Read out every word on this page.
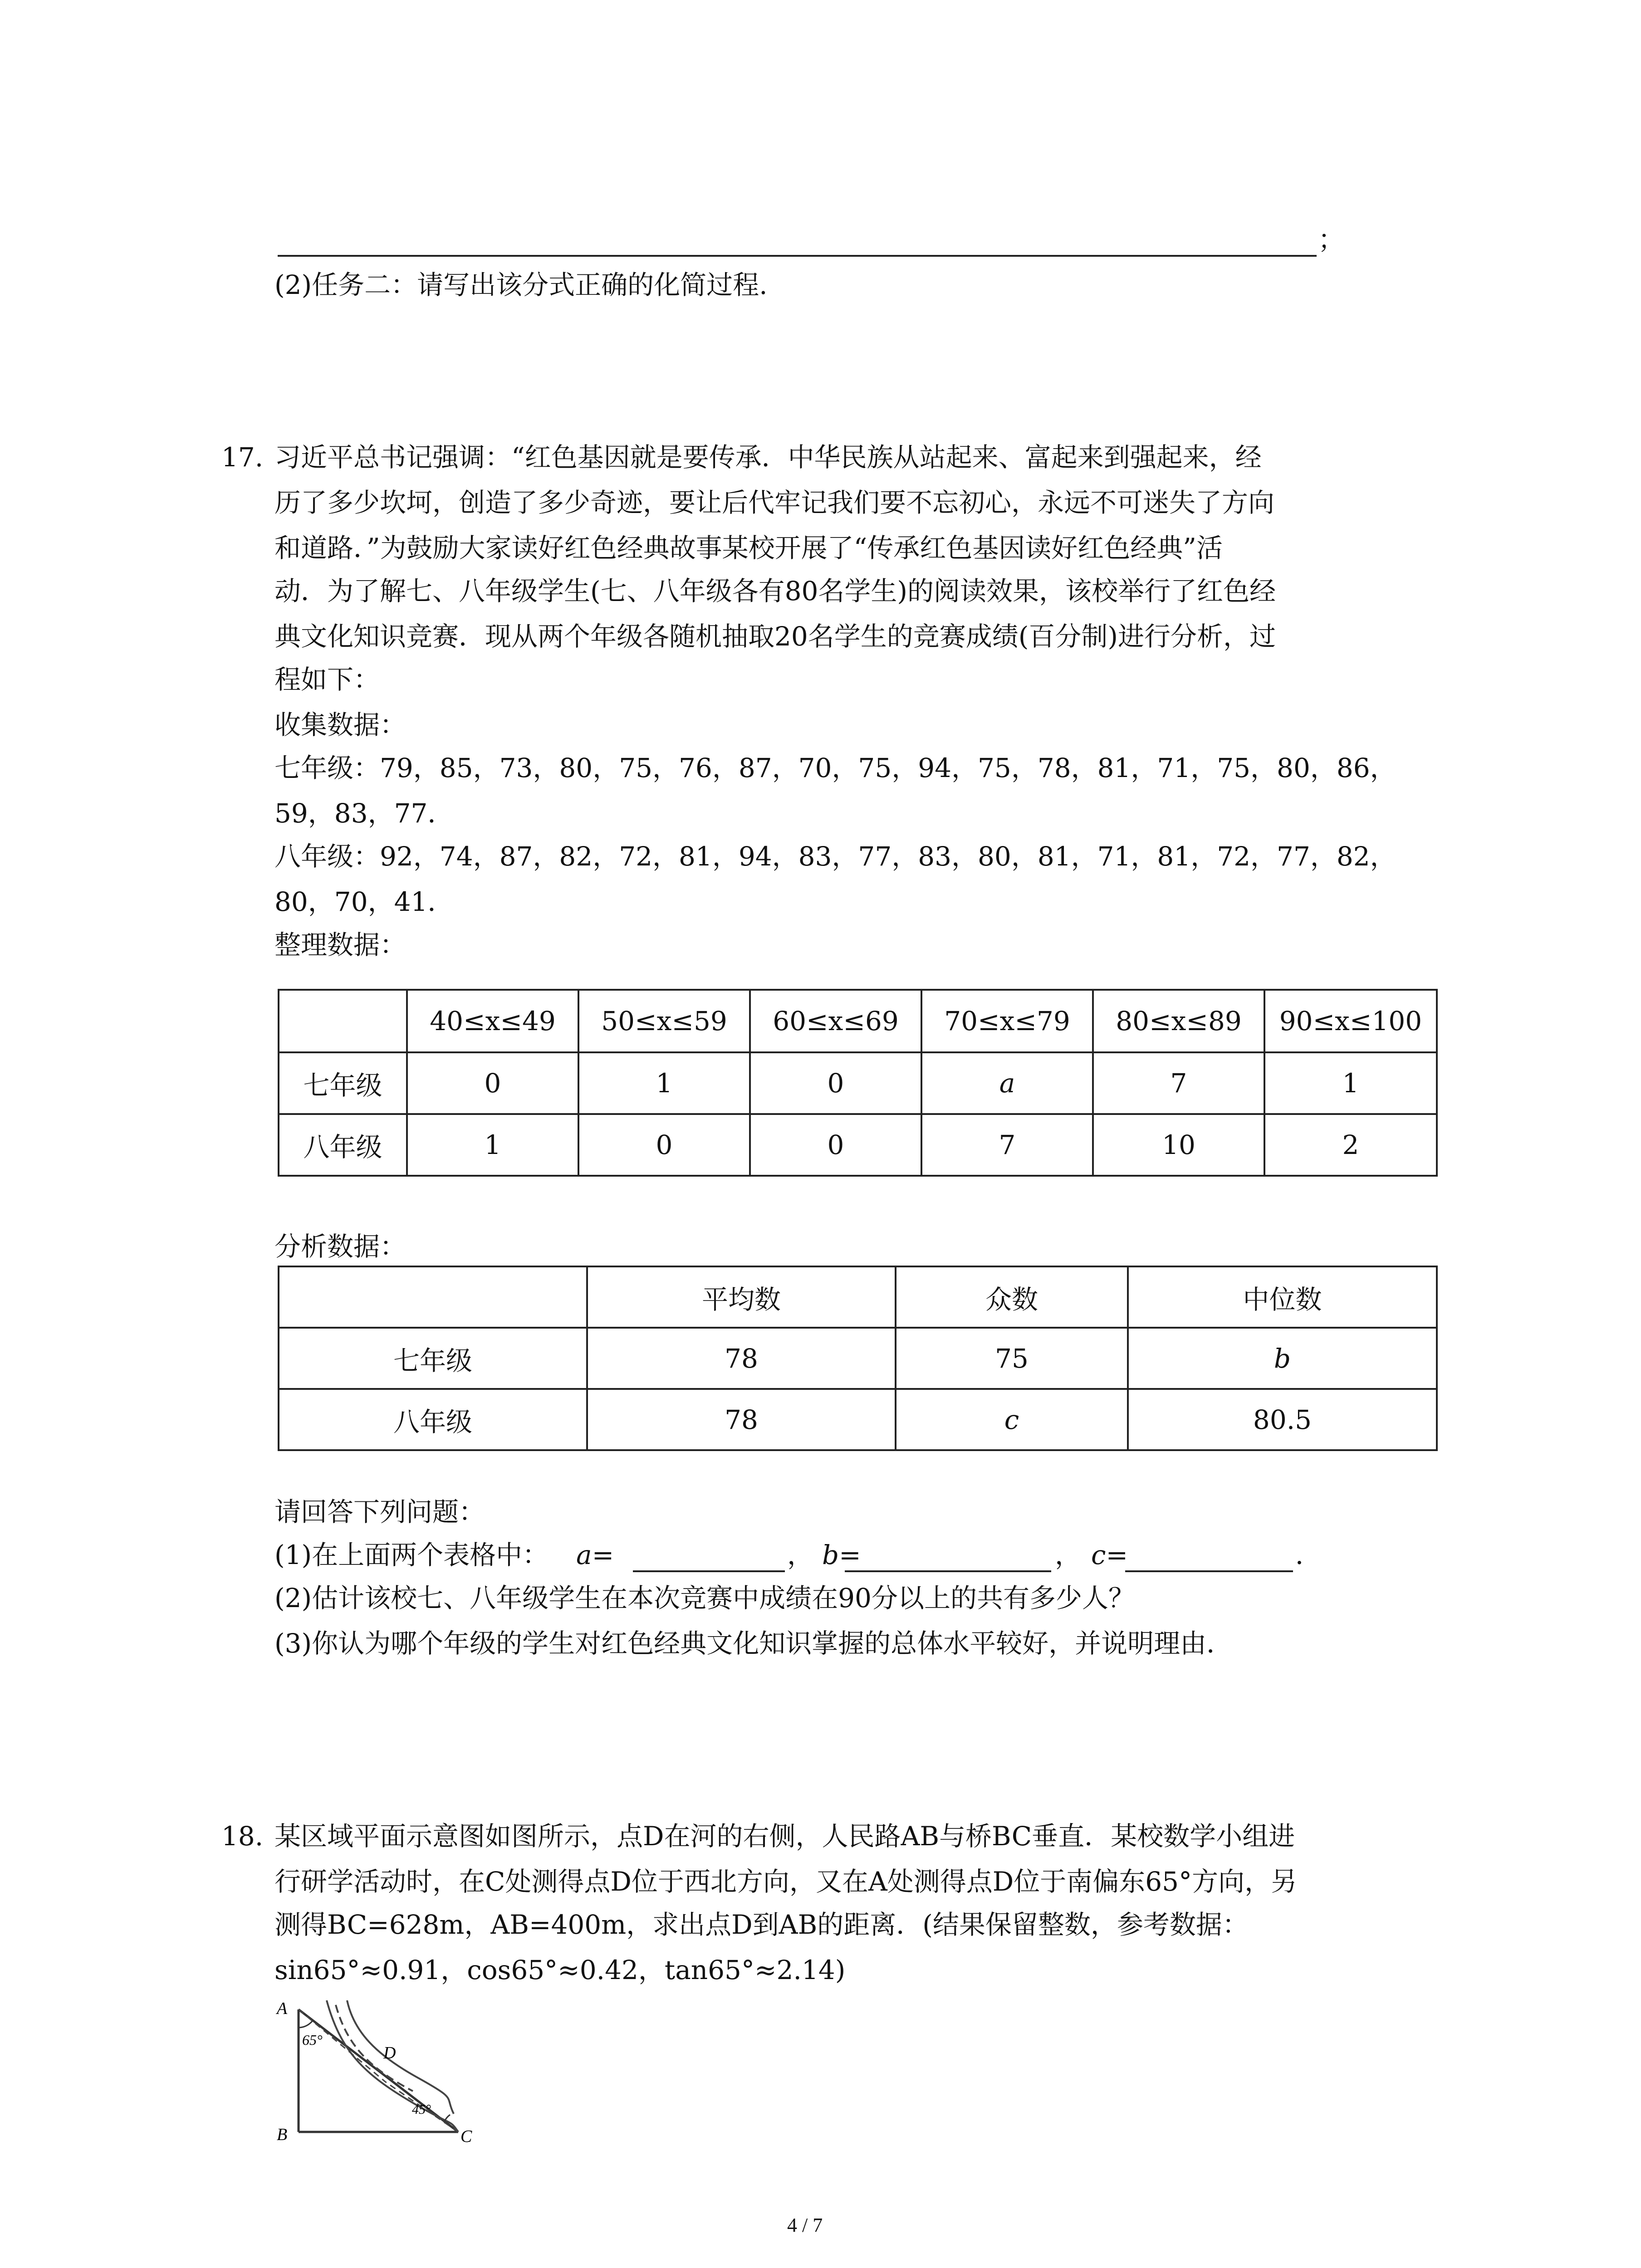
；
(2)任务二：请写出该分式正确的化简过程.
17. 习近平总书记强调：“红色基因就是要传承．中华民族从站起来、富起来到强起来，经
历了多少坎坷，创造了多少奇迹，要让后代牢记我们要不忘初心，永远不可迷失了方向
和道路．”为鼓励大家读好红色经典故事某校开展了“传承红色基因读好红色经典”活
动．为了解七、八年级学生(七、八年级各有80名学生)的阅读效果，该校举行了红色经
典文化知识竞赛．现从两个年级各随机抽取20名学生的竞赛成绩(百分制)进行分析，过
程如下：
收集数据：
七年级：79，85，73，80，75，76，87，70，75，94，75，78，81，71，75，80，86，
59，83，77．
八年级：92，74，87，82，72，81，94，83，77，83，80，81，71，81，72，77，82，
80，70，41．
整理数据：
	40≤x≤49	50≤x≤59	60≤x≤69	70≤x≤79	80≤x≤89	90≤x≤100
七年级	0	1	0	a	7	1
八年级	1	0	0	7	10	2
分析数据：
	平均数	众数	中位数
七年级	78	75	b
八年级	78	c	80.5
请回答下列问题：
(1)在上面两个表格中： a=	， b=	， c=	．
(2)估计该校七、八年级学生在本次竞赛中成绩在90分以上的共有多少人？
(3)你认为哪个年级的学生对红色经典文化知识掌握的总体水平较好，并说明理由．
18. 某区域平面示意图如图所示，点D在河的右侧，人民路AB与桥BC垂直．某校数学小组进
行研学活动时，在C处测得点D位于西北方向，又在A处测得点D位于南偏东65°方向，另
测得BC=628m，AB=400m，求出点D到AB的距离．(结果保留整数，参考数据：
sin65°≈0.91，cos65°≈0.42，tan65°≈2.14)
A
B	C
D
65°
45°
4 / 7
